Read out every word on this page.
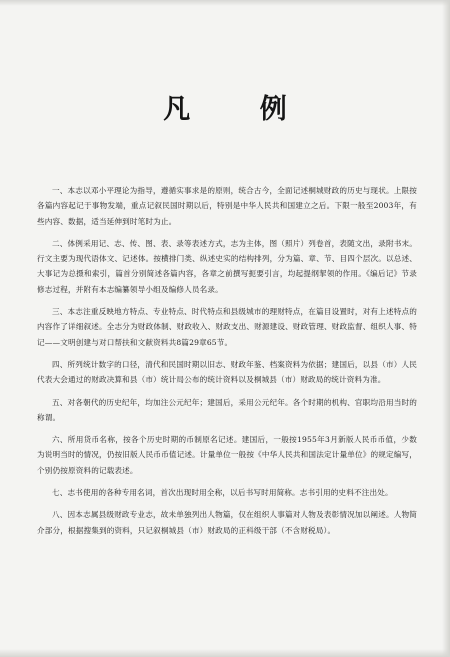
凡 例

一、本志以邓小平理论为指导，遵循实事求是的原则，统合古今，全面记述桐城财政的历史与现状。上限按各篇内容起记于事物发端，重点记叙民国时期以后，特别是中华人民共和国建立之后。下限一般至2003年，有些内容、数据，适当延伸到时笔时为止。

二、体例采用记、志、传、图、表、录等表述方式，志为主体，图（照片）列卷首，表随文出，录附书末。行文主要为现代语体文、记述体。按横排门类、纵述史实的结构排列，分为篇、章、节、目四个层次。以总述、大事记为总摄和索引，篇首分别简述各篇内容，各章之前撰写扼要引言，均起提纲挈领的作用。《编后记》节录修志过程，并附有本志编纂领导小组及编修人员名录。

三、本志注重反映地方特点、专业特点、时代特点和县级城市的理财特点，在篇目设置时，对有上述特点的内容作了详细叙述。全志分为财政体制、财政收入、财政支出、财源建设、财政管理、财政监督、组织人事、特记——文明创建与对口帮扶和文献资料共8篇29章65节。

四、所列统计数字的口径，清代和民国时期以旧志、财政年鉴、档案资料为依据；建国后，以县（市）人民代表大会通过的财政决算和县（市）统计局公布的统计资料以及桐城县（市）财政局的统计资料为准。

五、对各朝代的历史纪年，均加注公元纪年；建国后，采用公元纪年。各个时期的机构、官职均沿用当时的称谓。

六、所用货币名称，按各个历史时期的币制原名记述。建国后，一般按1955年3月新版人民币币值，少数为说明当时的情况，仍按旧版人民币币值记述。计量单位一般按《中华人民共和国法定计量单位》的规定编写，个别仍按原资料的记载表述。

七、志书使用的各种专用名词，首次出现时用全称，以后书写时用简称。志书引用的史料不注出处。

八、因本志属县级财政专业志，故未单独列出人物篇，仅在组织人事篇对人物及表彰情况加以阐述。人物简介部分，根据搜集到的资料，只记叙桐城县（市）财政局的正科级干部（不含财税局）。
